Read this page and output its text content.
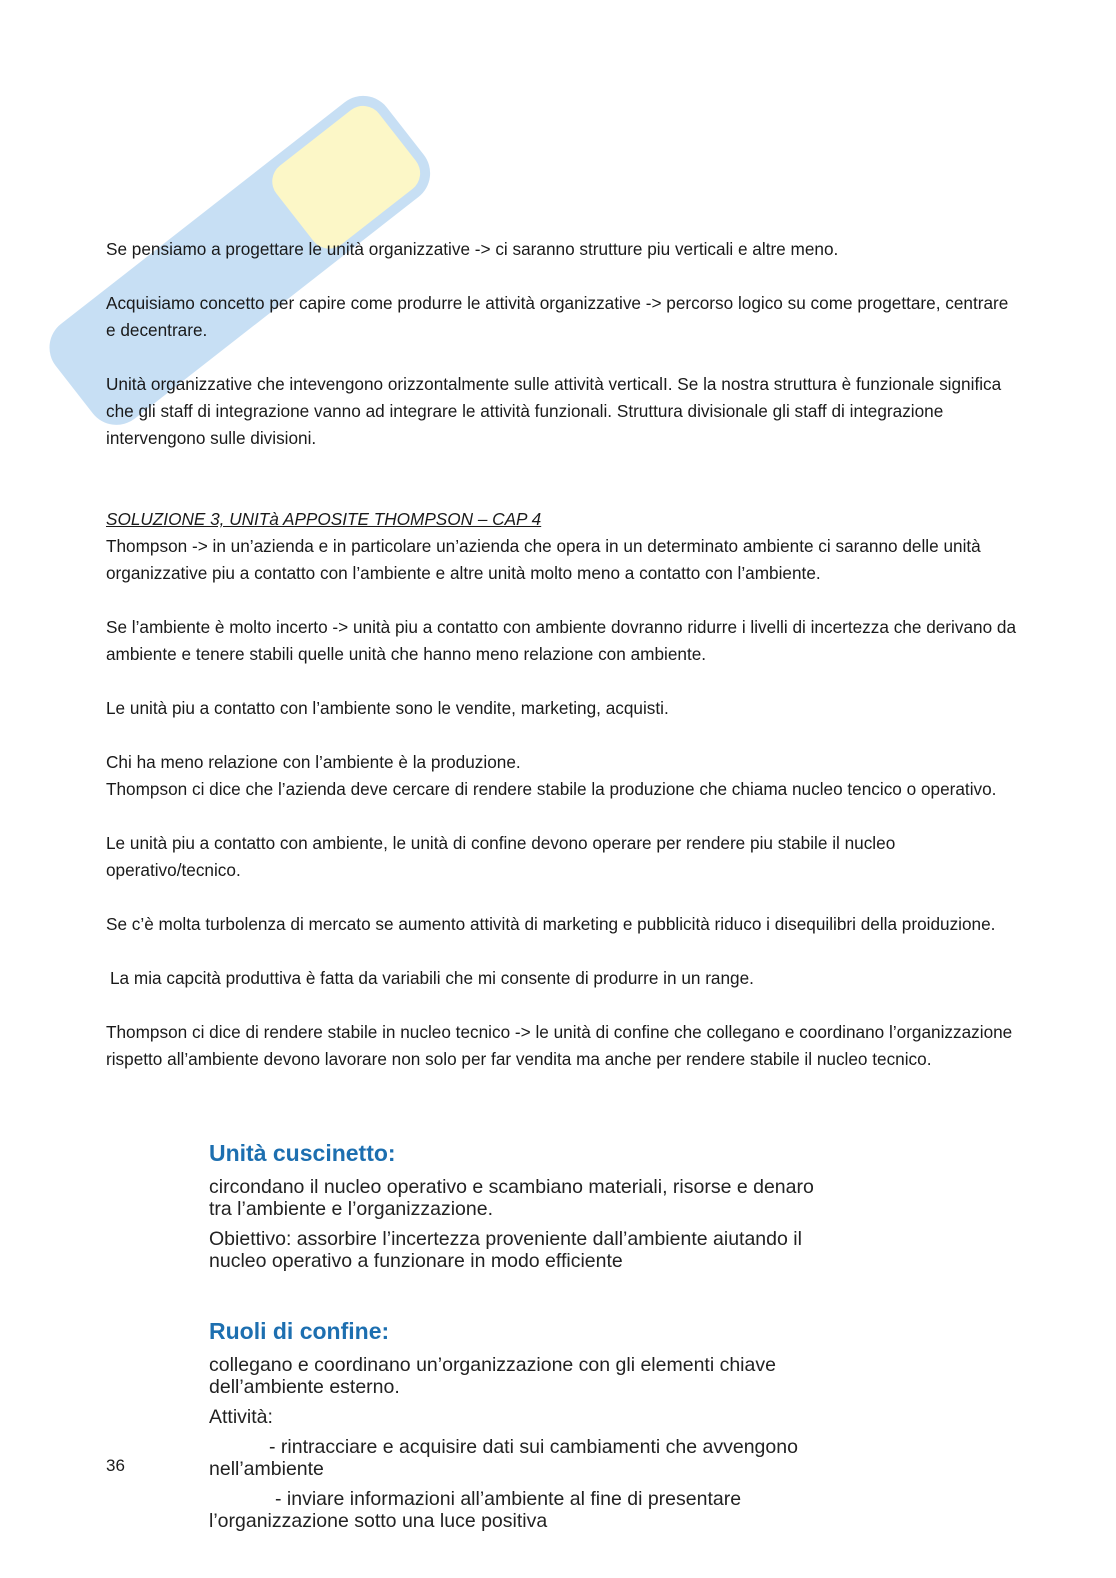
Se pensiamo a progettare le unità organizzative -> ci saranno strutture piu verticali e altre meno.

Acquisiamo concetto per capire come produrre le attività organizzative -> percorso logico su come progettare, centrare e decentrare.

Unità organizzative che intevengono orizzontalmente sulle attività verticalI. Se la nostra struttura è funzionale significa che gli staff di integrazione vanno ad integrare le attività funzionali. Struttura divisionale gli staff di integrazione intervengono sulle divisioni.

SOLUZIONE 3, UNITà APPOSITE THOMPSON – CAP 4

Thompson -> in un’azienda e in particolare un’azienda che opera in un determinato ambiente ci saranno delle unità organizzative piu a contatto con l’ambiente e altre unità molto meno a contatto con l’ambiente.

Se l’ambiente è molto incerto -> unità piu a contatto con ambiente dovranno ridurre i livelli di incertezza che derivano da ambiente e tenere stabili quelle unità che hanno meno relazione con ambiente.

Le unità piu a contatto con l’ambiente sono le vendite, marketing, acquisti.

Chi ha meno relazione con l’ambiente è la produzione.

Thompson ci dice che l’azienda deve cercare di rendere stabile la produzione che chiama nucleo tencico o operativo.

Le unità piu a contatto con ambiente, le unità di confine devono operare per rendere piu stabile il nucleo operativo/tecnico.

Se c’è molta turbolenza di mercato se aumento attività di marketing e pubblicità riduco i disequilibri della proiduzione.

La mia capcità produttiva è fatta da variabili che mi consente di produrre in un range.

Thompson ci dice di rendere stabile in nucleo tecnico -> le unità di confine che collegano e coordinano l’organizzazione rispetto all’ambiente devono lavorare non solo per far vendita ma anche per rendere stabile il nucleo tecnico.

Unità cuscinetto:

circondano il nucleo operativo e scambiano materiali, risorse e denaro

tra l’ambiente e l’organizzazione.

Obiettivo: assorbire l’incertezza proveniente dall’ambiente aiutando il

nucleo operativo a funzionare in modo efficiente

Ruoli di confine:

collegano e coordinano un’organizzazione con gli elementi chiave

dell’ambiente esterno.

Attività:

- rintracciare e acquisire dati sui cambiamenti che avvengono

nell’ambiente

- inviare informazioni all’ambiente al fine di presentare

l’organizzazione sotto una luce positiva

36
